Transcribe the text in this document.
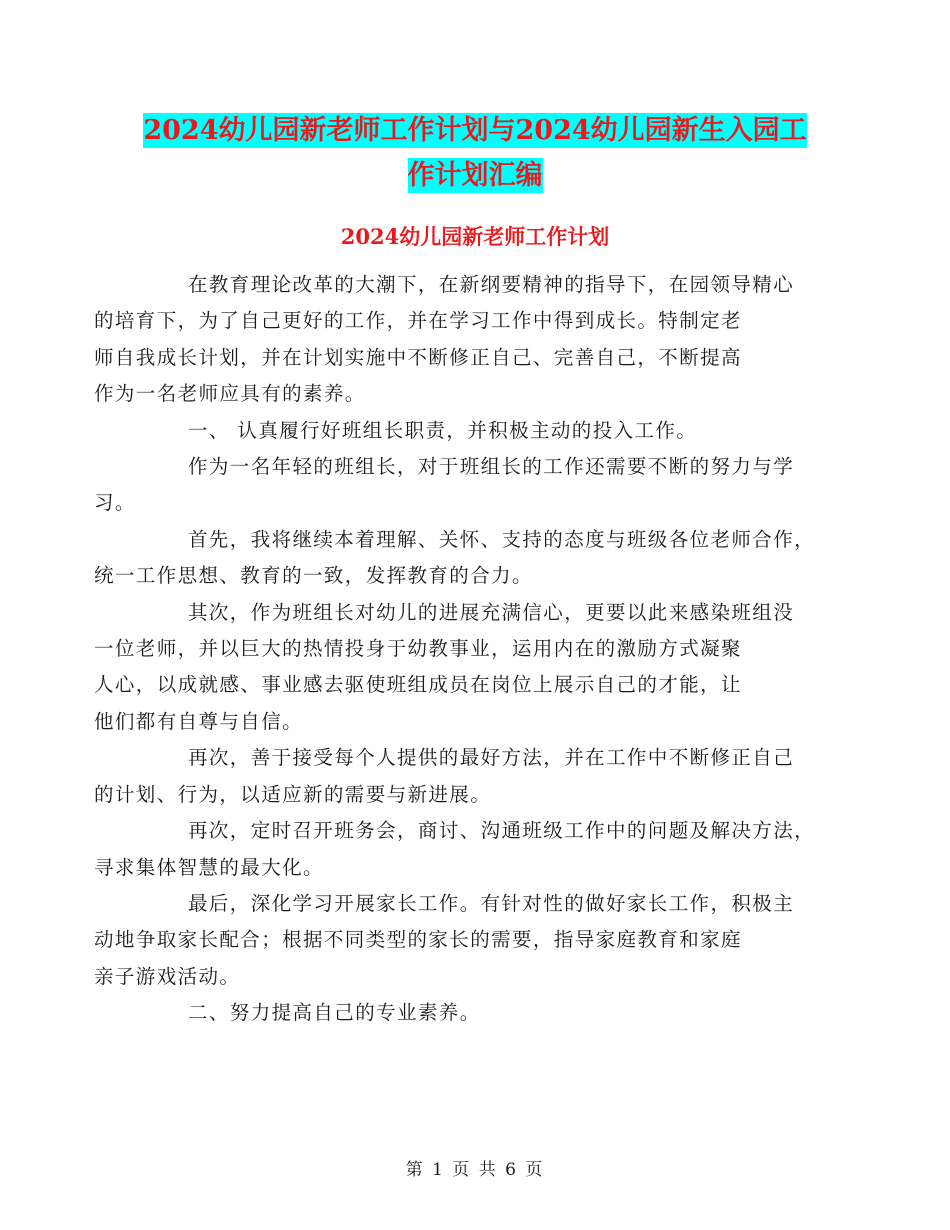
2024幼儿园新老师工作计划与2024幼儿园新生入园工
作计划汇编
2024幼儿园新老师工作计划

在教育理论改革的大潮下，在新纲要精神的指导下，在园领导精心
的培育下，为了自己更好的工作，并在学习工作中得到成长。特制定老
师自我成长计划，并在计划实施中不断修正自己、完善自己，不断提高
作为一名老师应具有的素养。

一、 认真履行好班组长职责，并积极主动的投入工作。

作为一名年轻的班组长，对于班组长的工作还需要不断的努力与学
习。

首先，我将继续本着理解、关怀、支持的态度与班级各位老师合作，
统一工作思想、教育的一致，发挥教育的合力。

其次，作为班组长对幼儿的进展充满信心，更要以此来感染班组没
一位老师，并以巨大的热情投身于幼教事业，运用内在的激励方式凝聚
人心，以成就感、事业感去驱使班组成员在岗位上展示自己的才能，让
他们都有自尊与自信。

再次，善于接受每个人提供的最好方法，并在工作中不断修正自己
的计划、行为，以适应新的需要与新进展。

再次，定时召开班务会，商讨、沟通班级工作中的问题及解决方法，
寻求集体智慧的最大化。

最后，深化学习开展家长工作。有针对性的做好家长工作，积极主
动地争取家长配合；根据不同类型的家长的需要，指导家庭教育和家庭
亲子游戏活动。

二、努力提高自己的专业素养。

第 1 页 共 6 页
